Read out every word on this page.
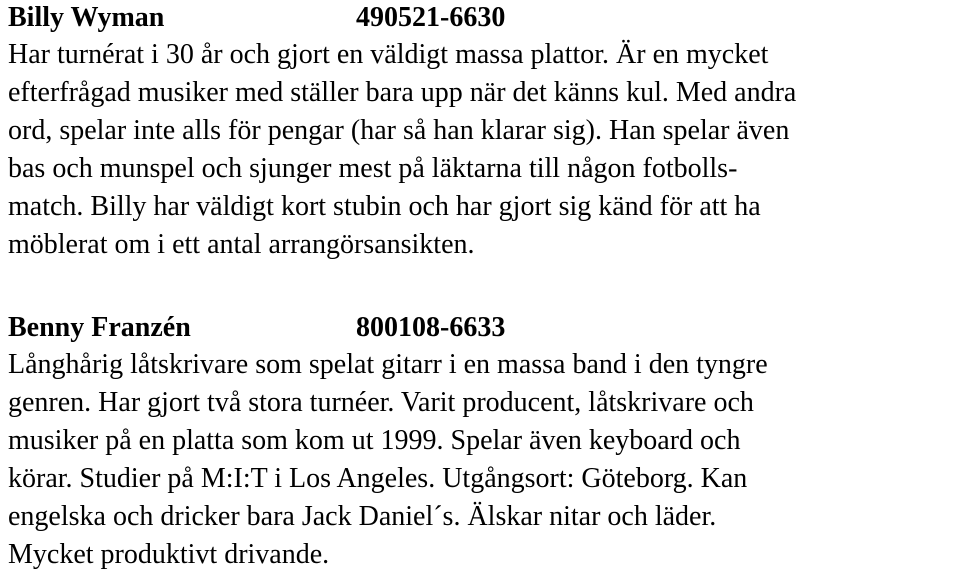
Billy Wyman	490521-6630

Har turnérat i 30 år och gjort en väldigt massa plattor. Är en mycket
efterfrågad musiker med ställer bara upp när det känns kul. Med andra
ord, spelar inte alls för pengar (har så han klarar sig). Han spelar även
bas och munspel och sjunger mest på läktarna till någon fotbolls-
match. Billy har väldigt kort stubin och har gjort sig känd för att ha
möblerat om i ett antal arrangörsansikten.

Benny Franzén	800108-6633

Långhårig låtskrivare som spelat gitarr i en massa band i den tyngre
genren. Har gjort två stora turnéer. Varit producent, låtskrivare och
musiker på en platta som kom ut 1999. Spelar även keyboard och
körar. Studier på M:I:T i Los Angeles. Utgångsort: Göteborg. Kan
engelska och dricker bara Jack Daniel´s. Älskar nitar och läder.
Mycket produktivt drivande.
